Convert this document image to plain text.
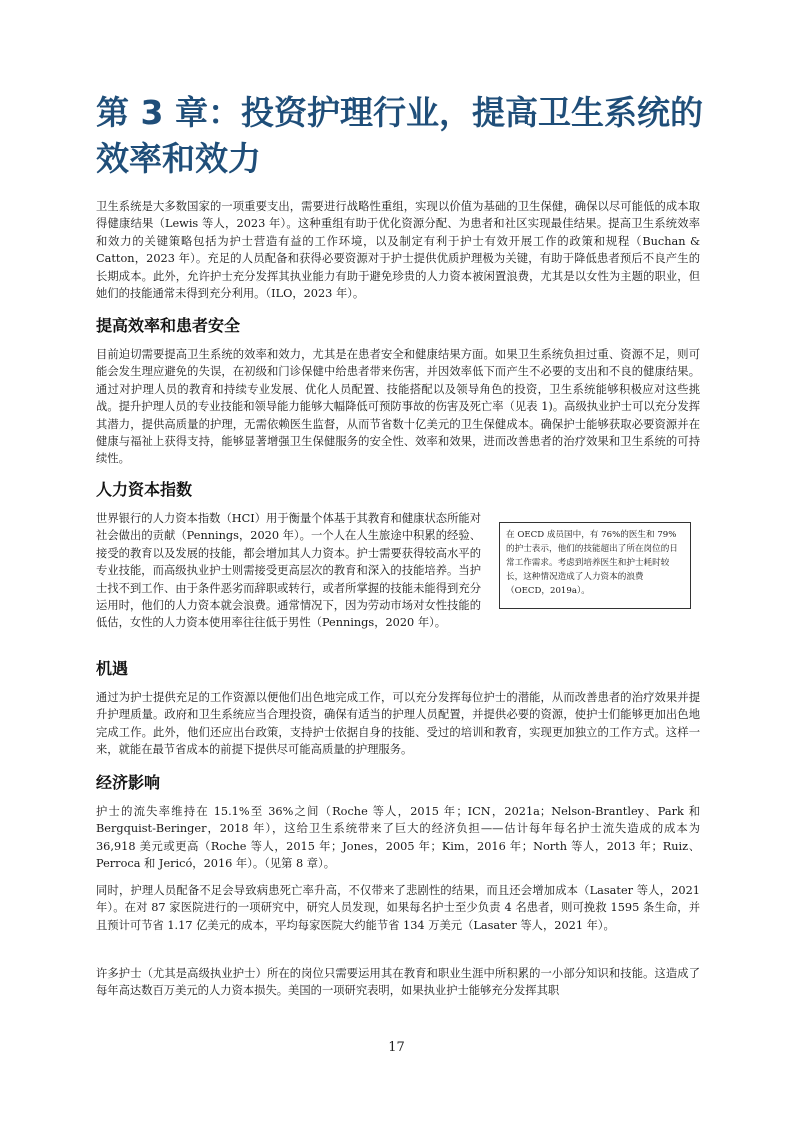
第 3 章：投资护理行业，提高卫生系统的效率和效力

卫生系统是大多数国家的一项重要支出，需要进行战略性重组，实现以价值为基础的卫生保健，确保以尽可能低的成本取得健康结果（Lewis 等人，2023 年）。这种重组有助于优化资源分配、为患者和社区实现最佳结果。提高卫生系统效率和效力的关键策略包括为护士营造有益的工作环境，以及制定有利于护士有效开展工作的政策和规程（Buchan & Catton，2023 年）。充足的人员配备和获得必要资源对于护士提供优质护理极为关键，有助于降低患者预后不良产生的长期成本。此外，允许护士充分发挥其执业能力有助于避免珍贵的人力资本被闲置浪费，尤其是以女性为主题的职业，但她们的技能通常未得到充分利用。（ILO，2023 年）。

提高效率和患者安全

目前迫切需要提高卫生系统的效率和效力，尤其是在患者安全和健康结果方面。如果卫生系统负担过重、资源不足，则可能会发生理应避免的失误，在初级和门诊保健中给患者带来伤害，并因效率低下而产生不必要的支出和不良的健康结果。通过对护理人员的教育和持续专业发展、优化人员配置、技能搭配以及领导角色的投资，卫生系统能够积极应对这些挑战。提升护理人员的专业技能和领导能力能够大幅降低可预防事故的伤害及死亡率（见表 1)。高级执业护士可以充分发挥其潜力，提供高质量的护理，无需依赖医生监督，从而节省数十亿美元的卫生保健成本。确保护士能够获取必要资源并在健康与福祉上获得支持，能够显著增强卫生保健服务的安全性、效率和效果，进而改善患者的治疗效果和卫生系统的可持续性。

人力资本指数

世界银行的人力资本指数（HCI）用于衡量个体基于其教育和健康状态所能对社会做出的贡献（Pennings，2020 年）。一个人在人生旅途中积累的经验、接受的教育以及发展的技能，都会增加其人力资本。护士需要获得较高水平的专业技能，而高级执业护士则需接受更高层次的教育和深入的技能培养。当护士找不到工作、由于条件恶劣而辞职或转行，或者所掌握的技能未能得到充分运用时，他们的人力资本就会浪费。通常情况下，因为劳动市场对女性技能的低估，女性的人力资本使用率往往低于男性（Pennings，2020 年）。

在 OECD 成员国中，有 76%的医生和 79%的护士表示，他们的技能超出了所在岗位的日常工作需求。考虑到培养医生和护士耗时较长，这种情况造成了人力资本的浪费（OECD，2019a）。
机遇

通过为护士提供充足的工作资源以便他们出色地完成工作，可以充分发挥每位护士的潜能，从而改善患者的治疗效果并提升护理质量。政府和卫生系统应当合理投资，确保有适当的护理人员配置，并提供必要的资源，使护士们能够更加出色地完成工作。此外，他们还应出台政策，支持护士依据自身的技能、受过的培训和教育，实现更加独立的工作方式。这样一来，就能在最节省成本的前提下提供尽可能高质量的护理服务。

经济影响

护士的流失率维持在 15.1%至 36%之间（Roche 等人，2015 年；ICN，2021a；Nelson-Brantley、Park 和 Bergquist-Beringer，2018 年），这给卫生系统带来了巨大的经济负担——估计每年每名护士流失造成的成本为 36,918 美元或更高（Roche 等人，2015 年；Jones，2005 年；Kim，2016 年；North 等人，2013 年；Ruiz、Perroca 和 Jericó，2016 年）。（见第 8 章）。

同时，护理人员配备不足会导致病患死亡率升高，不仅带来了悲剧性的结果，而且还会增加成本（Lasater 等人，2021 年）。在对 87 家医院进行的一项研究中，研究人员发现，如果每名护士至少负责 4 名患者，则可挽救 1595 条生命，并且预计可节省 1.17 亿美元的成本，平均每家医院大约能节省 134 万美元（Lasater 等人，2021 年）。

许多护士（尤其是高级执业护士）所在的岗位只需要运用其在教育和职业生涯中所积累的一小部分知识和技能。这造成了每年高达数百万美元的人力资本损失。美国的一项研究表明，如果执业护士能够充分发挥其职

17
